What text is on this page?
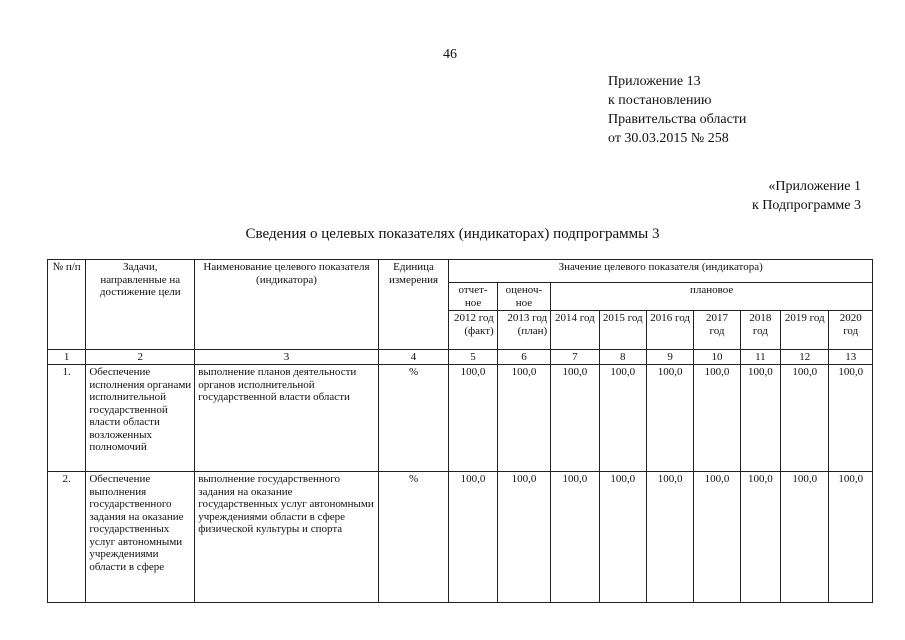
46
Приложение 13
к постановлению
Правительства области
от 30.03.2015 № 258
«Приложение 1
к Подпрограмме 3
Сведения о целевых показателях (индикаторах) подпрограммы 3
№ п/п	Задачи, направленные на достижение цели	Наименование целевого показателя (индикатора)	Единица измерения	Значение целевого показателя (индикатора)								
				отчет-ное	оценоч-ное	плановое						
				2012 год (факт)	2013 год (план)	2014 год	2015 год	2016 год	2017 год	2018 год	2019 год	2020 год
1	2	3	4	5	6	7	8	9	10	11	12	13
1.	Обеспечение исполнения органами исполнительной государственной власти области возложенных полномочий	выполнение планов деятельности органов исполнительной государственной власти области	%	100,0	100,0	100,0	100,0	100,0	100,0	100,0	100,0	100,0
2.	Обеспечение выполнения государственного задания на оказание государственных услуг автономными учреждениями области в сфере	выполнение государственного задания на оказание государственных услуг автономными учреждениями области в сфере физической культуры и спорта	%	100,0	100,0	100,0	100,0	100,0	100,0	100,0	100,0	100,0
